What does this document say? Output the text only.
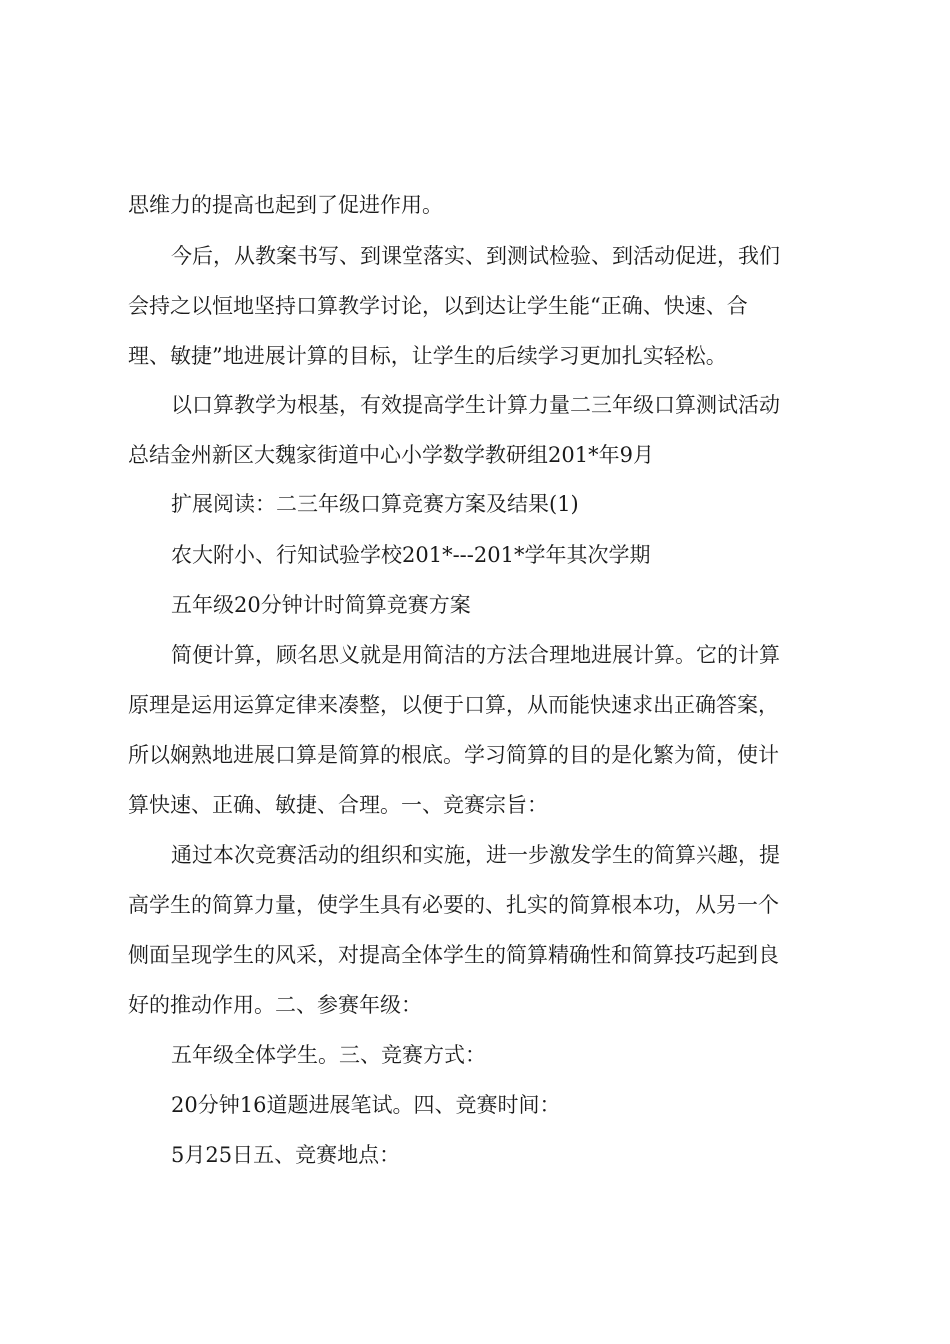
思维力的提高也起到了促进作用。

今后，从教案书写、到课堂落实、到测试检验、到活动促进，我们
会持之以恒地坚持口算教学讨论，以到达让学生能“正确、快速、合
理、敏捷”地进展计算的目标，让学生的后续学习更加扎实轻松。

以口算教学为根基，有效提高学生计算力量二三年级口算测试活动
总结金州新区大魏家街道中心小学数学教研组201*年9月

扩展阅读：二三年级口算竞赛方案及结果(1)

农大附小、行知试验学校201*---201*学年其次学期

五年级20分钟计时简算竞赛方案

简便计算，顾名思义就是用简洁的方法合理地进展计算。它的计算
原理是运用运算定律来凑整，以便于口算，从而能快速求出正确答案，
所以娴熟地进展口算是简算的根底。学习简算的目的是化繁为简，使计
算快速、正确、敏捷、合理。一、竞赛宗旨：

通过本次竞赛活动的组织和实施，进一步激发学生的简算兴趣，提
高学生的简算力量，使学生具有必要的、扎实的简算根本功，从另一个
侧面呈现学生的风采，对提高全体学生的简算精确性和简算技巧起到良
好的推动作用。二、参赛年级：

五年级全体学生。三、竞赛方式：

20分钟16道题进展笔试。四、竞赛时间：

5月25日五、竞赛地点：
